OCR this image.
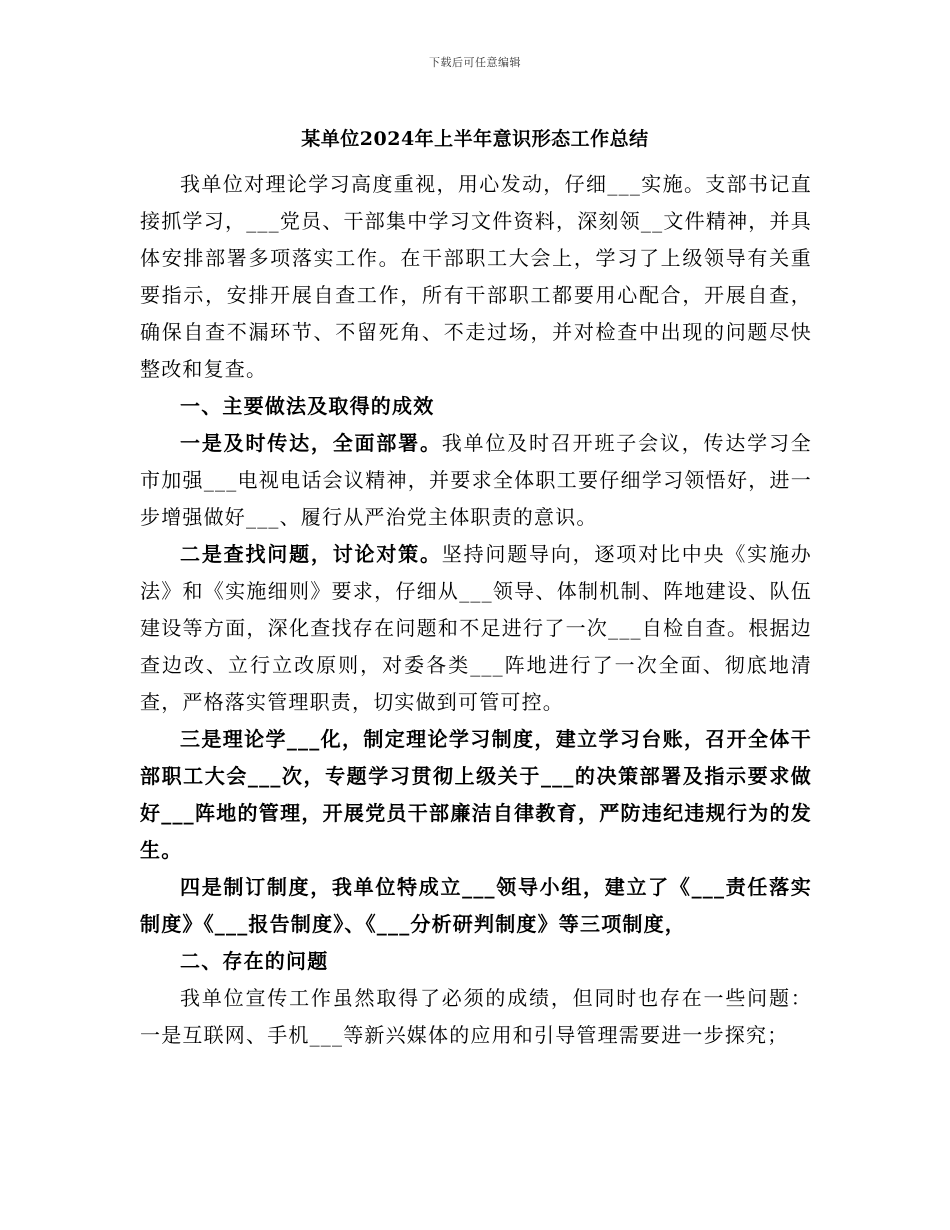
下载后可任意编辑
某单位2024年上半年意识形态工作总结

我单位对理论学习高度重视，用心发动，仔细___实施。支部书记直接抓学习，___党员、干部集中学习文件资料，深刻领__文件精神，并具体安排部署多项落实工作。在干部职工大会上，学习了上级领导有关重要指示，安排开展自查工作，所有干部职工都要用心配合，开展自查，确保自查不漏环节、不留死角、不走过场，并对检查中出现的问题尽快整改和复查。

一、主要做法及取得的成效

一是及时传达，全面部署。我单位及时召开班子会议，传达学习全市加强___电视电话会议精神，并要求全体职工要仔细学习领悟好，进一步增强做好___、履行从严治党主体职责的意识。

二是查找问题，讨论对策。坚持问题导向，逐项对比中央《实施办法》和《实施细则》要求，仔细从___领导、体制机制、阵地建设、队伍建设等方面，深化查找存在问题和不足进行了一次___自检自查。根据边查边改、立行立改原则，对委各类___阵地进行了一次全面、彻底地清查，严格落实管理职责，切实做到可管可控。

三是理论学___化，制定理论学习制度，建立学习台账，召开全体干部职工大会___次，专题学习贯彻上级关于___的决策部署及指示要求做好___阵地的管理，开展党员干部廉洁自律教育，严防违纪违规行为的发生。

四是制订制度，我单位特成立___领导小组，建立了《___责任落实制度》《___报告制度》、《___分析研判制度》等三项制度，

二、存在的问题

我单位宣传工作虽然取得了必须的成绩，但同时也存在一些问题：一是互联网、手机___等新兴媒体的应用和引导管理需要进一步探究；
